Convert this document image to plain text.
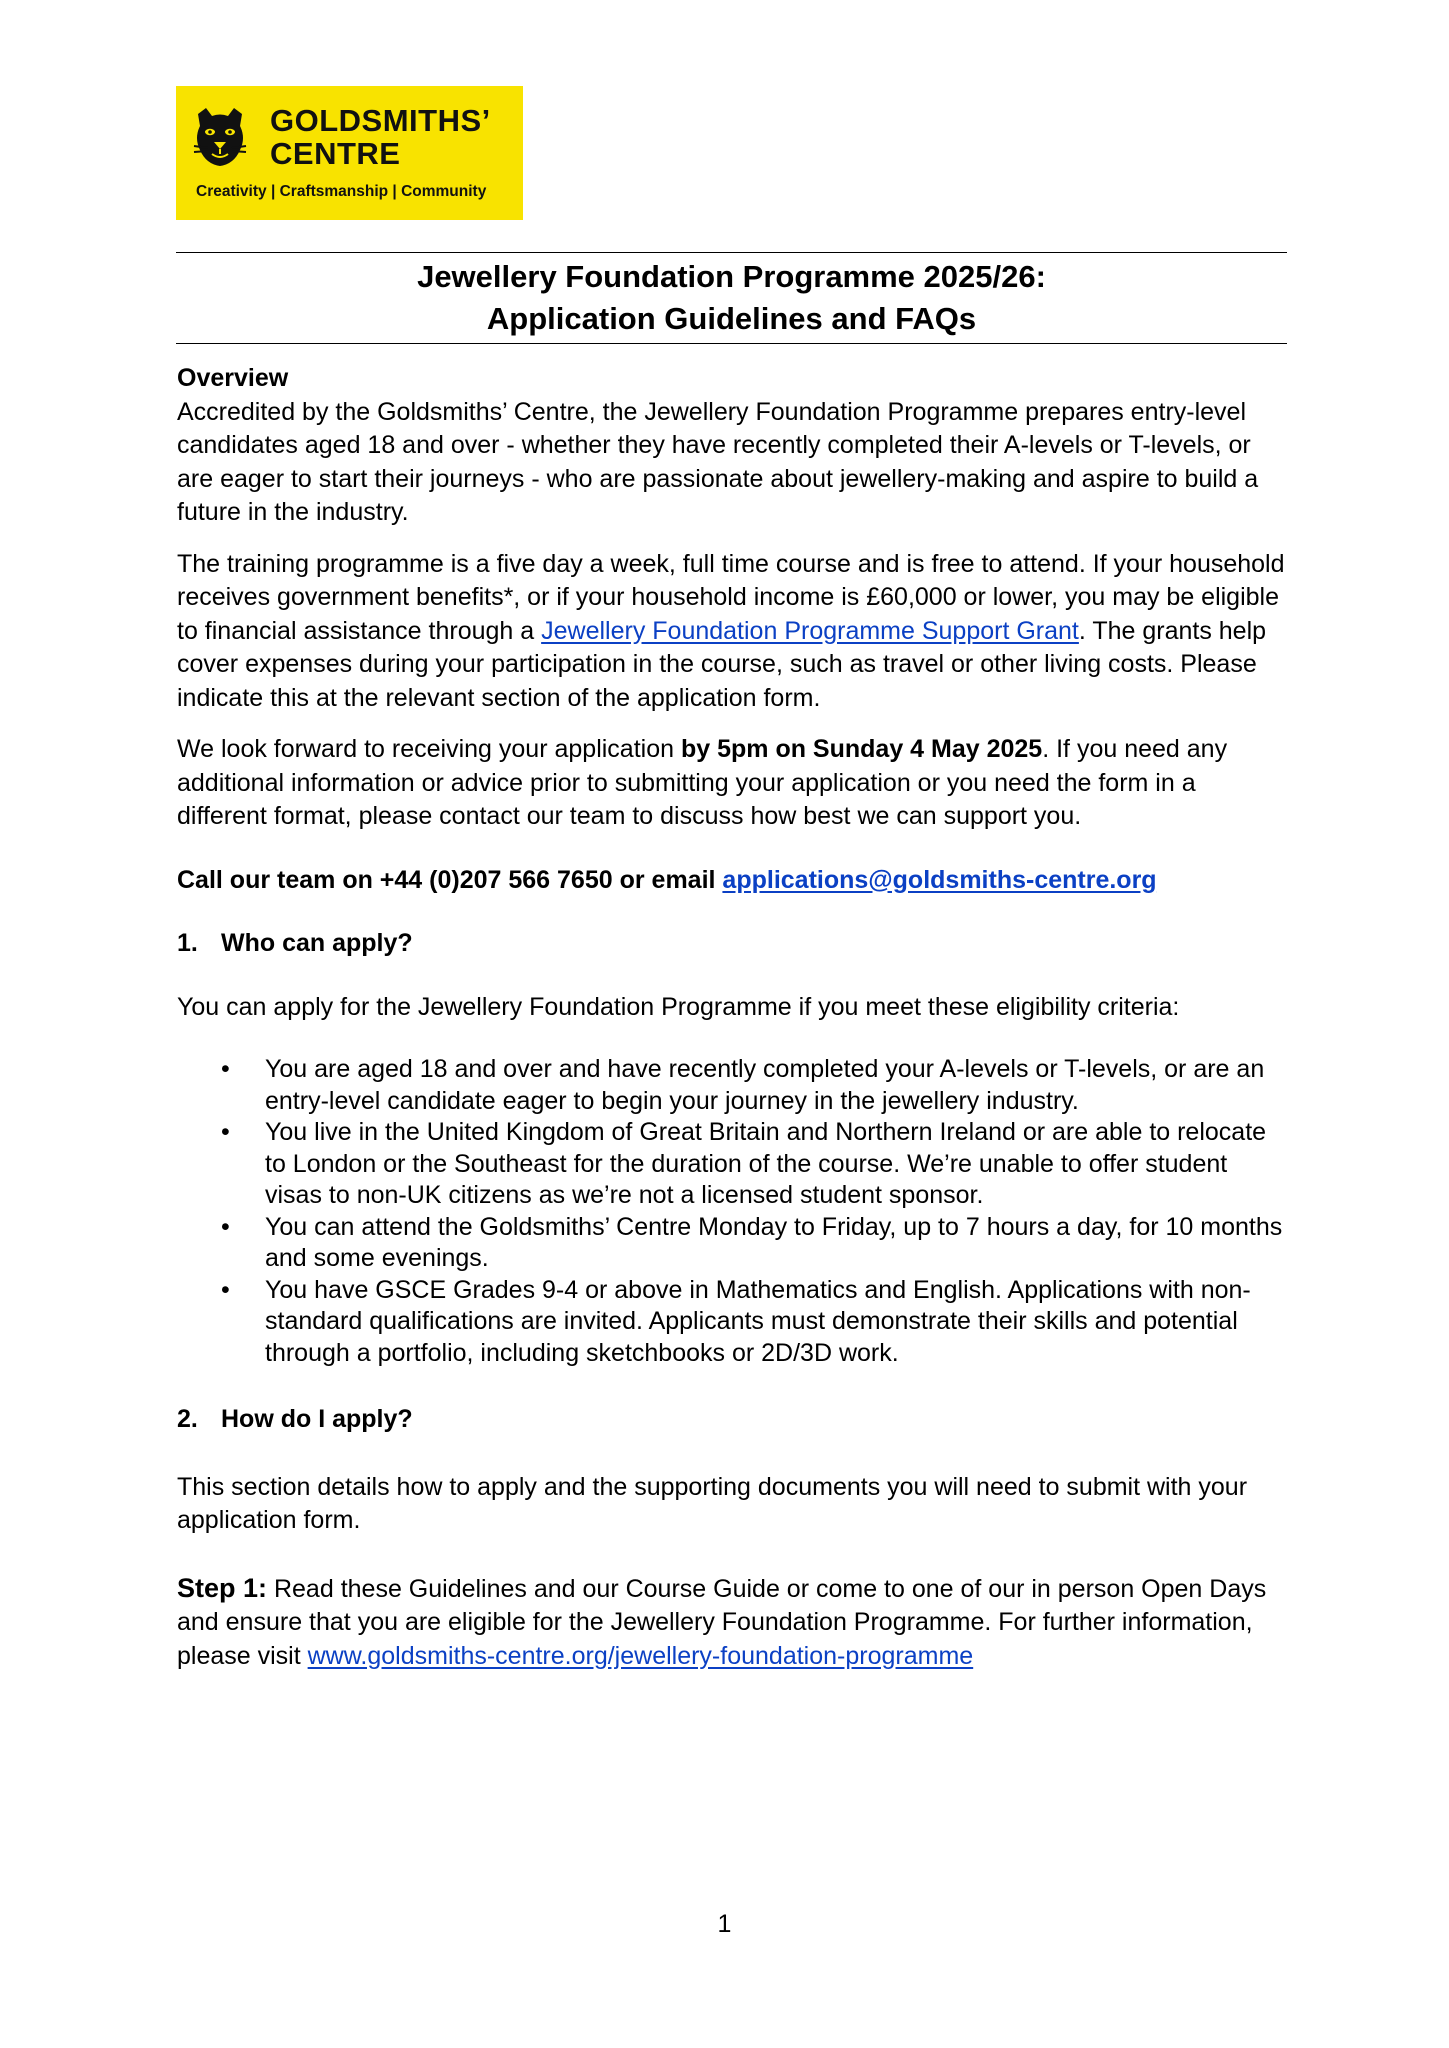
GOLDSMITHS’
CENTRE
Creativity | Craftsmanship | Community
Jewellery Foundation Programme 2025/26:
Application Guidelines and FAQs

Overview

Accredited by the Goldsmiths’ Centre, the Jewellery Foundation Programme prepares entry-level candidates aged 18 and over - whether they have recently completed their A-levels or T-levels, or are eager to start their journeys - who are passionate about jewellery-making and aspire to build a future in the industry.

The training programme is a five day a week, full time course and is free to attend. If your household receives government benefits*, or if your household income is £60,000 or lower, you may be eligible to financial assistance through a Jewellery Foundation Programme Support Grant. The grants help cover expenses during your participation in the course, such as travel or other living costs. Please indicate this at the relevant section of the application form.

We look forward to receiving your application by 5pm on Sunday 4 May 2025. If you need any additional information or advice prior to submitting your application or you need the form in a different format, please contact our team to discuss how best we can support you.

Call our team on +44 (0)207 566 7650 or email applications@goldsmiths-centre.org

1. Who can apply?

You can apply for the Jewellery Foundation Programme if you meet these eligibility criteria:

• You are aged 18 and over and have recently completed your A-levels or T-levels, or are an entry-level candidate eager to begin your journey in the jewellery industry.
• You live in the United Kingdom of Great Britain and Northern Ireland or are able to relocate to London or the Southeast for the duration of the course. We’re unable to offer student visas to non-UK citizens as we’re not a licensed student sponsor.
• You can attend the Goldsmiths’ Centre Monday to Friday, up to 7 hours a day, for 10 months and some evenings.
• You have GSCE Grades 9-4 or above in Mathematics and English. Applications with non-standard qualifications are invited. Applicants must demonstrate their skills and potential through a portfolio, including sketchbooks or 2D/3D work.

2. How do I apply?

This section details how to apply and the supporting documents you will need to submit with your application form.

Step 1: Read these Guidelines and our Course Guide or come to one of our in person Open Days and ensure that you are eligible for the Jewellery Foundation Programme. For further information, please visit www.goldsmiths-centre.org/jewellery-foundation-programme

1
